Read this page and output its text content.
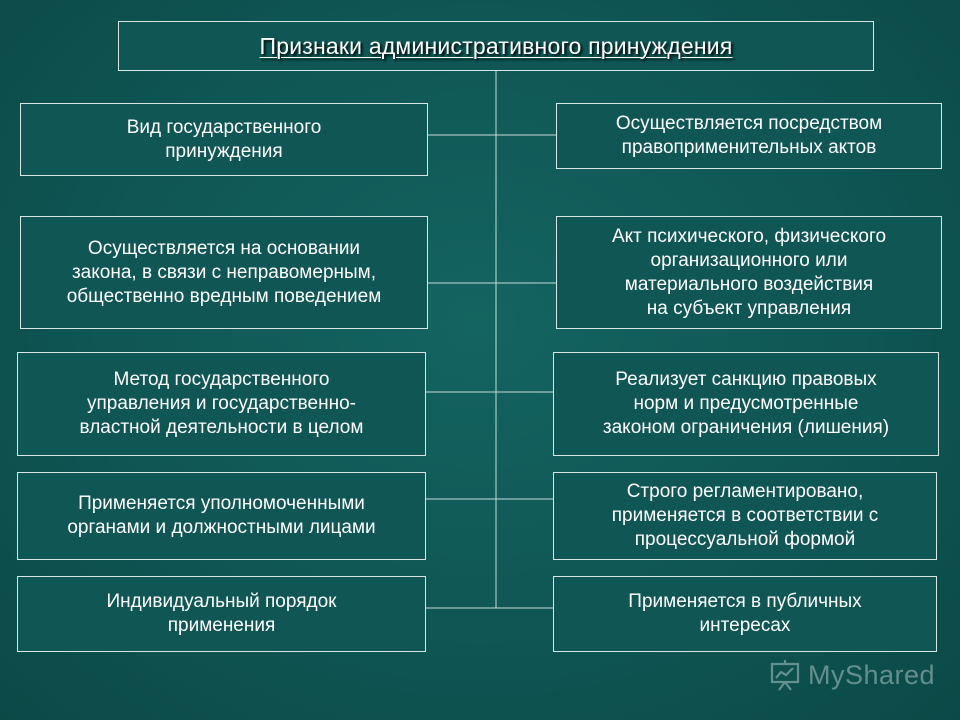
Признаки административного принуждения
Вид государственного
принуждения
Осуществляется на основании
закона, в связи с неправомерным,
общественно вредным поведением
Метод государственного
управления и государственно-
властной деятельности в целом
Применяется уполномоченными
органами и должностными лицами
Индивидуальный порядок
применения
Осуществляется посредством
правоприменительных актов
Акт психического, физического
организационного или
материального воздействия
на субъект управления
Реализует санкцию правовых
норм и предусмотренные
законом ограничения (лишения)
Строго регламентировано,
применяется в соответствии с
процессуальной формой
Применяется в публичных
интересах
MyShared
